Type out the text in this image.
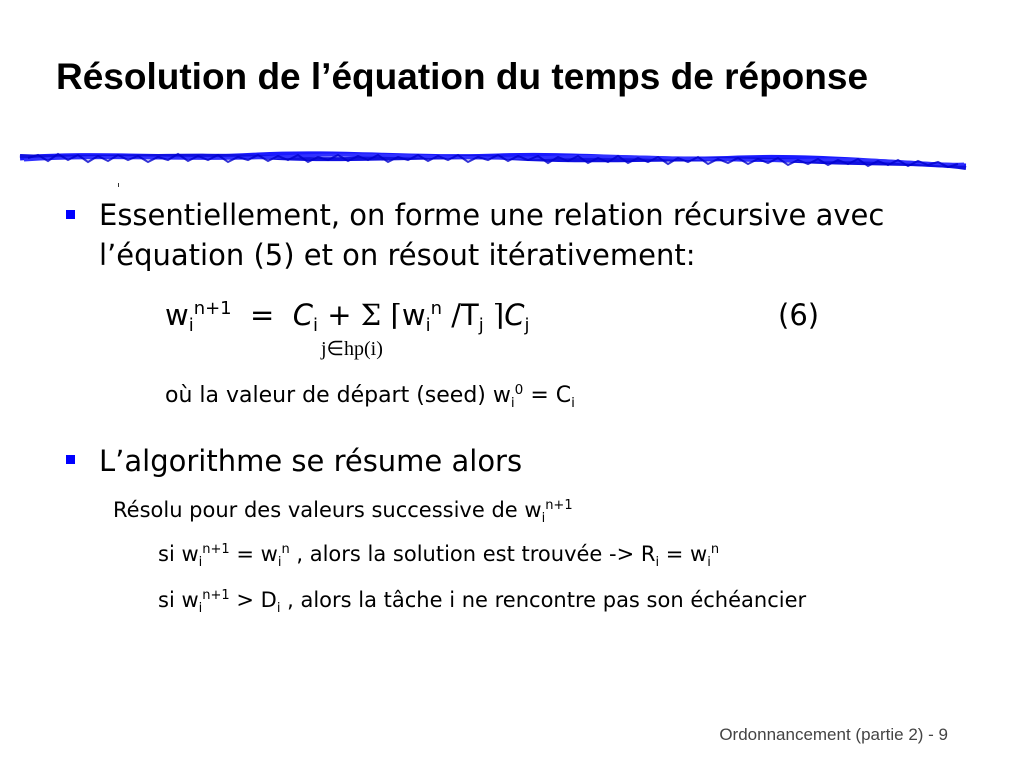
Résolution de l’équation du temps de réponse
Essentiellement, on forme une relation récursive avec
l’équation (5) et on résout itérativement:
$w_i^{n+1} = C_i + \Sigma$ $⌈w_i^n$ $/T_j$ $⌉C_j$	(6)
j∈hp(i)
où la valeur de départ (seed) $w_i^0 = C_i$
L’algorithme se résume alors
Résolu pour des valeurs successive de $w_i^{n+1}$
si $w_i^{n+1} = w_i^n$ , alors la solution est trouvée -> $R_i = w_i^n$
si $w_i^{n+1} > D_i$ , alors la tâche i ne rencontre pas son échéancier
Ordonnancement (partie 2) - 9
